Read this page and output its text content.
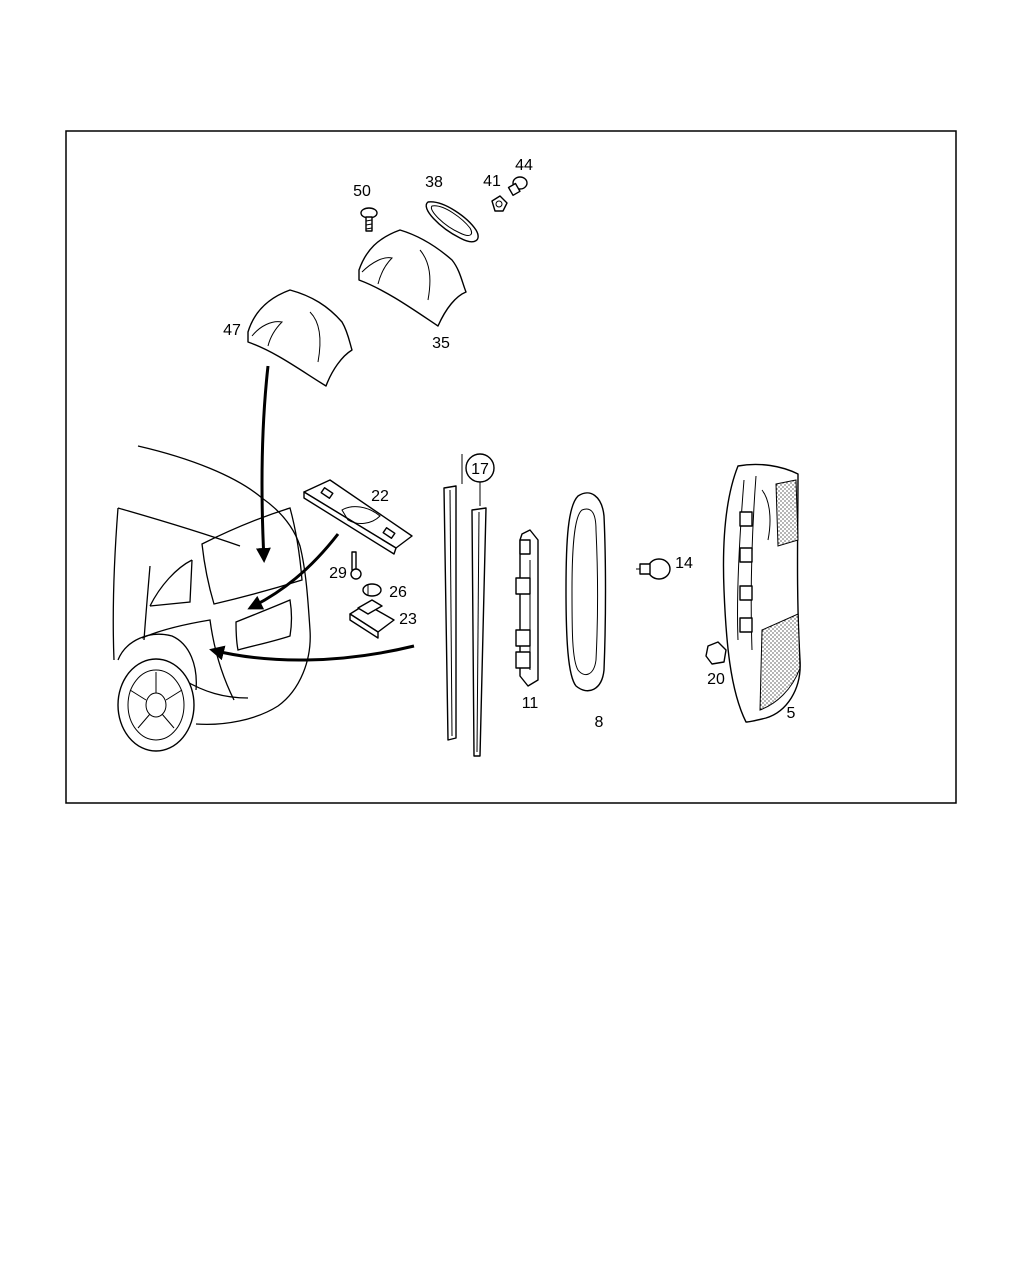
50
38	41
44
47
35
17
22
29
26
23
14
20
11
8
5
